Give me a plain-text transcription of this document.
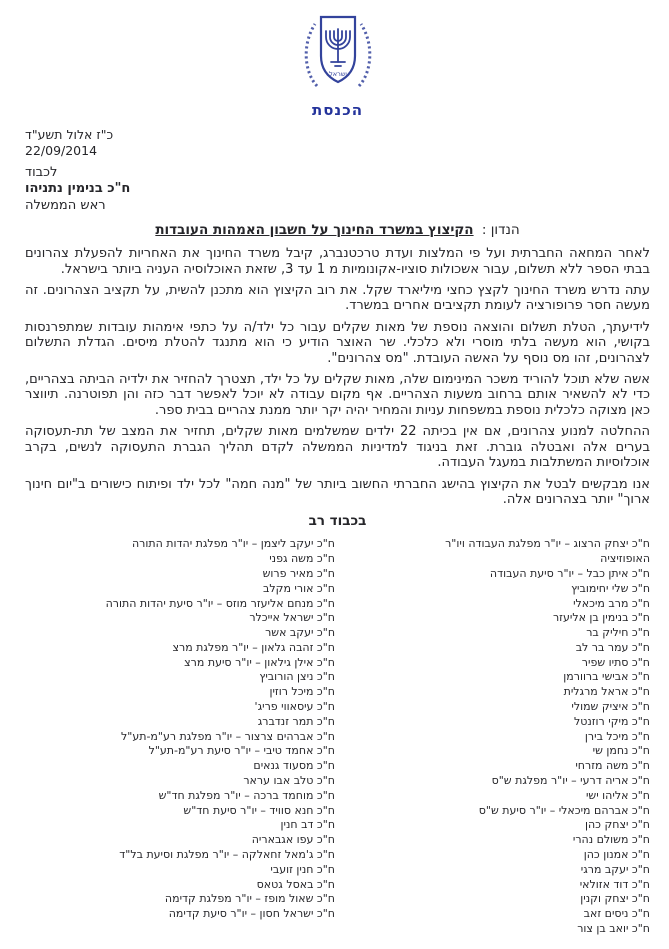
ישראל
הכנסת
כ"ז אלול תשע"ד
22/09/2014
לכבוד
ח"כ בנימין נתניהו
ראש הממשלה
הנדון : הקיצוץ במשרד החינוך על חשבון האמהות העובדות

לאחר המחאה החברתית ועל פי המלצות ועדת טרכטנברג, קיבל משרד החינוך את האחריות להפעלת צהרונים בבתי הספר ללא תשלום, עבור אשכולות סוציו-אקונומיות מ 1 עד 3, שזאת האוכלוסיה העניה ביותר בישראל.

עתה נדרש משרד החינוך לקצץ כחצי מיליארד שקל. את רוב הקיצוץ הוא מתכנן להשית, על תקציב הצהרונים. זה מעשה חסר פרופורציה לעומת תקציבים אחרים במשרד.

לידיעתך, הטלת תשלום והוצאה נוספת של מאות שקלים עבור כל ילד/ה על כתפי אימהות עובדות שמתפרנסות בקושי, הוא מעשה בלתי מוסרי ולא כלכלי. שר האוצר הודיע כי הוא מתנגד להטלת מיסים. הגדלת התשלום לצהרונים, זהו מס נוסף על האשה העובדת. "מס צהרונים".

אשה שלא תוכל להוריד משכר המינימום שלה, מאות שקלים על כל ילד, תצטרך להחזיר את ילדיה הביתה בצהריים, כדי לא להשאיר אותם ברחוב משעות הצהריים. אף מקום עבודה לא יוכל לאפשר דבר כזה והן תפוטרנה. תיווצר כאן מצוקה כלכלית נוספת במשפחות עניות והמחיר יהיה יקר יותר ממנת צהריים בבית ספר.

ההחלטה למנוע צהרונים, אם אין בכיתה 22 ילדים שמשלמים מאות שקלים, תחזיר את המצב של תת-תעסוקה בערים אלה ואבטלה גוברת. זאת בניגוד למדיניות הממשלה לקדם תהליך הגברת התעסוקה לנשים, בקרב אוכלוסיות המשתלבות במעגל העבודה.

אנו מבקשים לבטל את הקיצוץ בהישג החברתי החשוב ביותר של "מנה חמה" לכל ילד ופיתוח כישורים ב"יום חינוך ארוך" יותר בצהרונים אלה.

בכבוד רב
ח"כ יצחק הרצוג – יו"ר מפלגת העבודה ויו"ר האופוזיציה
ח"כ איתן כבל – יו"ר סיעת העבודה
ח"כ שלי יחימוביץ
ח"כ מרב מיכאלי
ח"כ בנימין בן אליעזר
ח"כ חיליק בר
ח"כ עמר בר לב
ח"כ סתיו שפיר
ח"כ אבישי ברוורמן
ח"כ אראל מרגלית
ח"כ איציק שמולי
ח"כ מיקי רוזנטל
ח"כ מיכל בירן
ח"כ נחמן שי
ח"כ משה מזרחי
ח"כ אריה דרעי – יו"ר מפלגת ש"ס
ח"כ אליהו ישי
ח"כ אברהם מיכאלי – יו"ר סיעת ש"ס
ח"כ יצחק כהן
ח"כ משולם נהרי
ח"כ אמנון כהן
ח"כ יעקב מרגי
ח"כ דוד אזולאי
ח"כ יצחק וקנין
ח"כ ניסים זאב
ח"כ יואב בן צור
ח"כ יעקב ליצמן – יו"ר מפלגת יהדות התורה
ח"כ משה גפני
ח"כ מאיר פרוש
ח"כ אורי מקלב
ח"כ מנחם אליעזר מוזס – יו"ר סיעת יהדות התורה
ח"כ ישראל אייכלר
ח"כ יעקב אשר
ח"כ זהבה גלאון – יו"ר מפלגת מרצ
ח"כ אילן גילאון – יו"ר סיעת מרצ
ח"כ ניצן הורוביץ
ח"כ מיכל רוזין
ח"כ עיסאווי פריג'
ח"כ תמר זנדברג
ח"כ אברהים צרצור – יו"ר מפלגת רע"מ-תע"ל
ח"כ אחמד טיבי – יו"ר סיעת רע"מ-תע"ל
ח"כ מסעוד גנאים
ח"כ טלב אבו עראר
ח"כ מוחמד ברכה – יו"ר מפלגת חד"ש
ח"כ חנא סוויד – יו"ר סיעת חד"ש
ח"כ דב חנין
ח"כ עפו אגבאריה
ח"כ ג'מאל זחאלקה – יו"ר מפלגת וסיעת בל"ד
ח"כ חנין זועבי
ח"כ באסל גטאס
ח"כ שאול מופז – יו"ר מפלגת קדימה
ח"כ ישראל חסון – יו"ר סיעת קדימה
